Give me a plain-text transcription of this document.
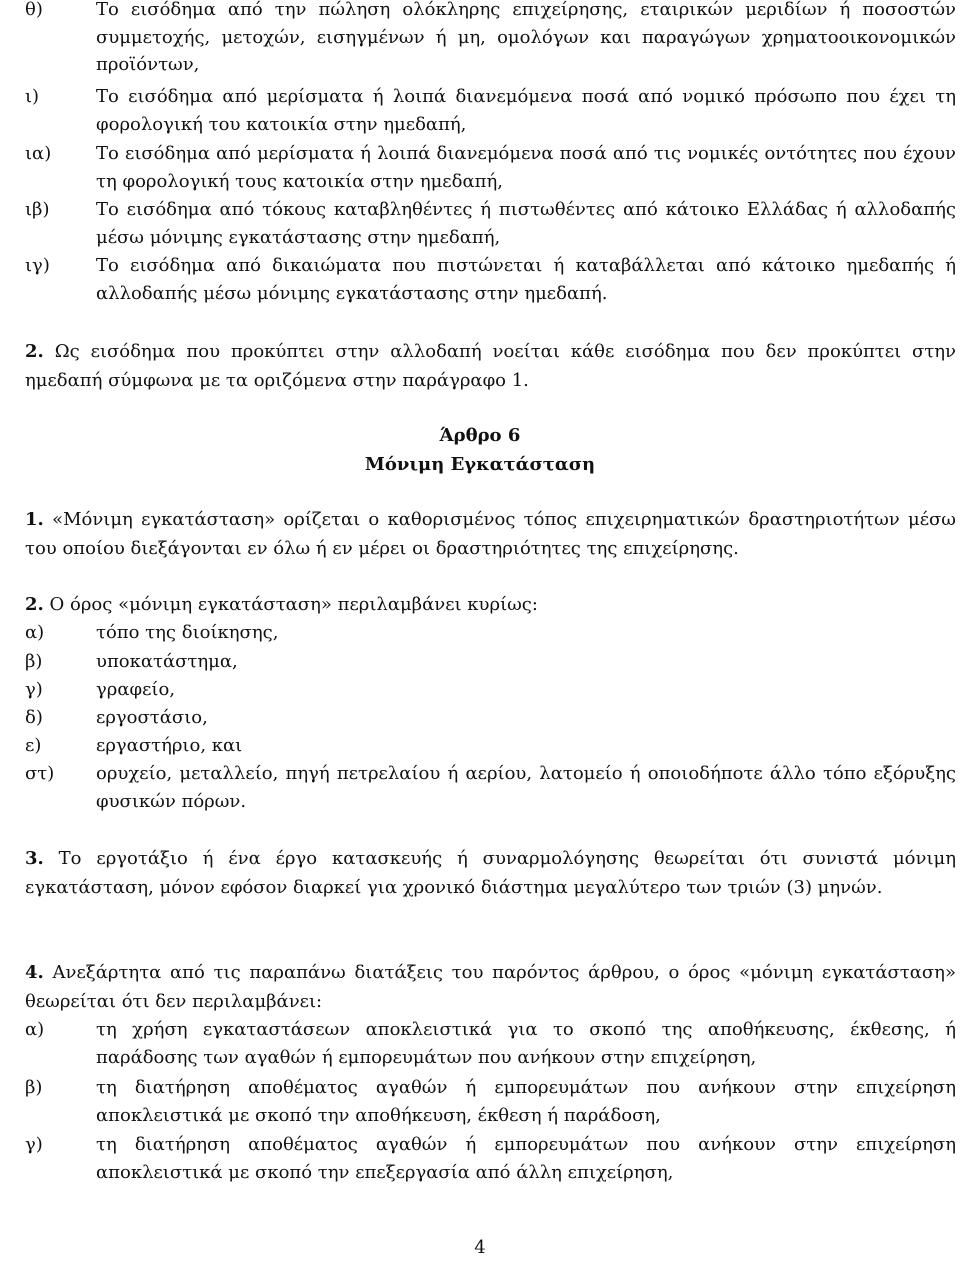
θ)	Το εισόδημα από την πώληση ολόκληρης επιχείρησης, εταιρικών μεριδίων ή ποσοστών συμμετοχής, μετοχών, εισηγμένων ή μη, ομολόγων και παραγώγων χρηματοοικονομικών προϊόντων,
ι)	Το εισόδημα από μερίσματα ή λοιπά διανεμόμενα ποσά από νομικό πρόσωπο που έχει τη φορολογική του κατοικία στην ημεδαπή,
ια) Το εισόδημα από μερίσματα ή λοιπά διανεμόμενα ποσά από τις νομικές οντότητες που έχουν τη φορολογική τους κατοικία στην ημεδαπή,
ιβ)	Το εισόδημα από τόκους καταβληθέντες ή πιστωθέντες από κάτοικο Ελλάδας ή αλλοδαπής μέσω μόνιμης εγκατάστασης στην ημεδαπή,
ιγ)	Το εισόδημα από δικαιώματα που πιστώνεται ή καταβάλλεται από κάτοικο ημεδαπής ή αλλοδαπής μέσω μόνιμης εγκατάστασης στην ημεδαπή.
2. Ως εισόδημα που προκύπτει στην αλλοδαπή νοείται κάθε εισόδημα που δεν προκύπτει στην ημεδαπή σύμφωνα με τα οριζόμενα στην παράγραφο 1.
Άρθρο 6
Μόνιμη Εγκατάσταση
1. «Μόνιμη εγκατάσταση» ορίζεται ο καθορισμένος τόπος επιχειρηματικών δραστηριοτήτων μέσω του οποίου διεξάγονται εν όλω ή εν μέρει οι δραστηριότητες της επιχείρησης.
2. Ο όρος «μόνιμη εγκατάσταση» περιλαμβάνει κυρίως:
α)	τόπο της διοίκησης,
β)	υποκατάστημα,
γ)	γραφείο,
δ)	εργοστάσιο,
ε)	εργαστήριο, και
στ) ορυχείο, μεταλλείο, πηγή πετρελαίου ή αερίου, λατομείο ή οποιοδήποτε άλλο τόπο εξόρυξης φυσικών πόρων.
3. Το εργοτάξιο ή ένα έργο κατασκευής ή συναρμολόγησης θεωρείται ότι συνιστά μόνιμη εγκατάσταση, μόνον εφόσον διαρκεί για χρονικό διάστημα μεγαλύτερο των τριών (3) μηνών.
4. Ανεξάρτητα από τις παραπάνω διατάξεις του παρόντος άρθρου, ο όρος «μόνιμη εγκατάσταση» θεωρείται ότι δεν περιλαμβάνει:
α)	τη χρήση εγκαταστάσεων αποκλειστικά για το σκοπό της αποθήκευσης, έκθεσης, ή παράδοσης των αγαθών ή εμπορευμάτων που ανήκουν στην επιχείρηση,
β)	τη διατήρηση αποθέματος αγαθών ή εμπορευμάτων που ανήκουν στην επιχείρηση αποκλειστικά με σκοπό την αποθήκευση, έκθεση ή παράδοση,
γ)	τη διατήρηση αποθέματος αγαθών ή εμπορευμάτων που ανήκουν στην επιχείρηση αποκλειστικά με σκοπό την επεξεργασία από άλλη επιχείρηση,
4
